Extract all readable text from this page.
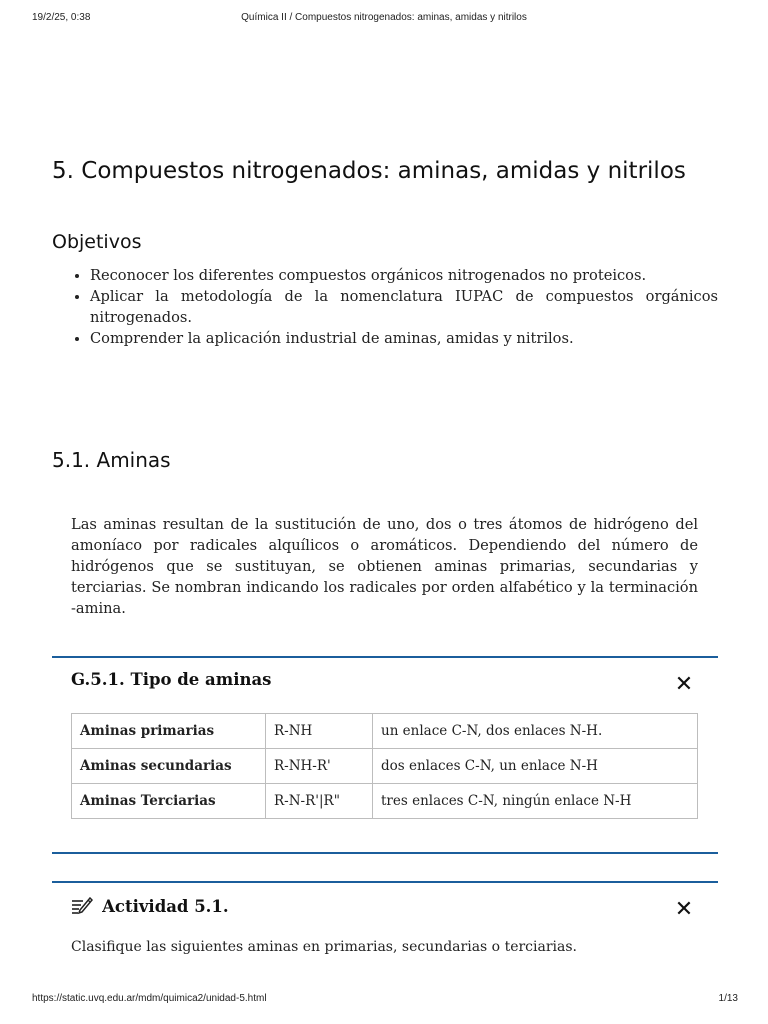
19/2/25, 0:38	Química II / Compuestos nitrogenados: aminas, amidas y nitrilos
5. Compuestos nitrogenados: aminas, amidas y nitrilos
Objetivos
• Reconocer los diferentes compuestos orgánicos nitrogenados no proteicos.
• Aplicar la metodología de la nomenclatura IUPAC de compuestos orgánicos nitrogenados.
• Comprender la aplicación industrial de aminas, amidas y nitrilos.
5.1. Aminas

Las aminas resultan de la sustitución de uno, dos o tres átomos de hidrógeno del amoníaco por radicales alquílicos o aromáticos. Dependiendo del número de hidrógenos que se sustituyan, se obtienen aminas primarias, secundarias y terciarias. Se nombran indicando los radicales por orden alfabético y la terminación -amina.

G.5.1. Tipo de aminas	✕
Aminas primarias	R-NH	un enlace C-N, dos enlaces N-H.
Aminas secundarias	R-NH-R'	dos enlaces C-N, un enlace N-H
Aminas Terciarias	R-N-R'|R"	tres enlaces C-N, ningún enlace N-H
Actividad 5.1.	✕

Clasifique las siguientes aminas en primarias, secundarias o terciarias.

https://static.uvq.edu.ar/mdm/quimica2/unidad-5.html	1/13
